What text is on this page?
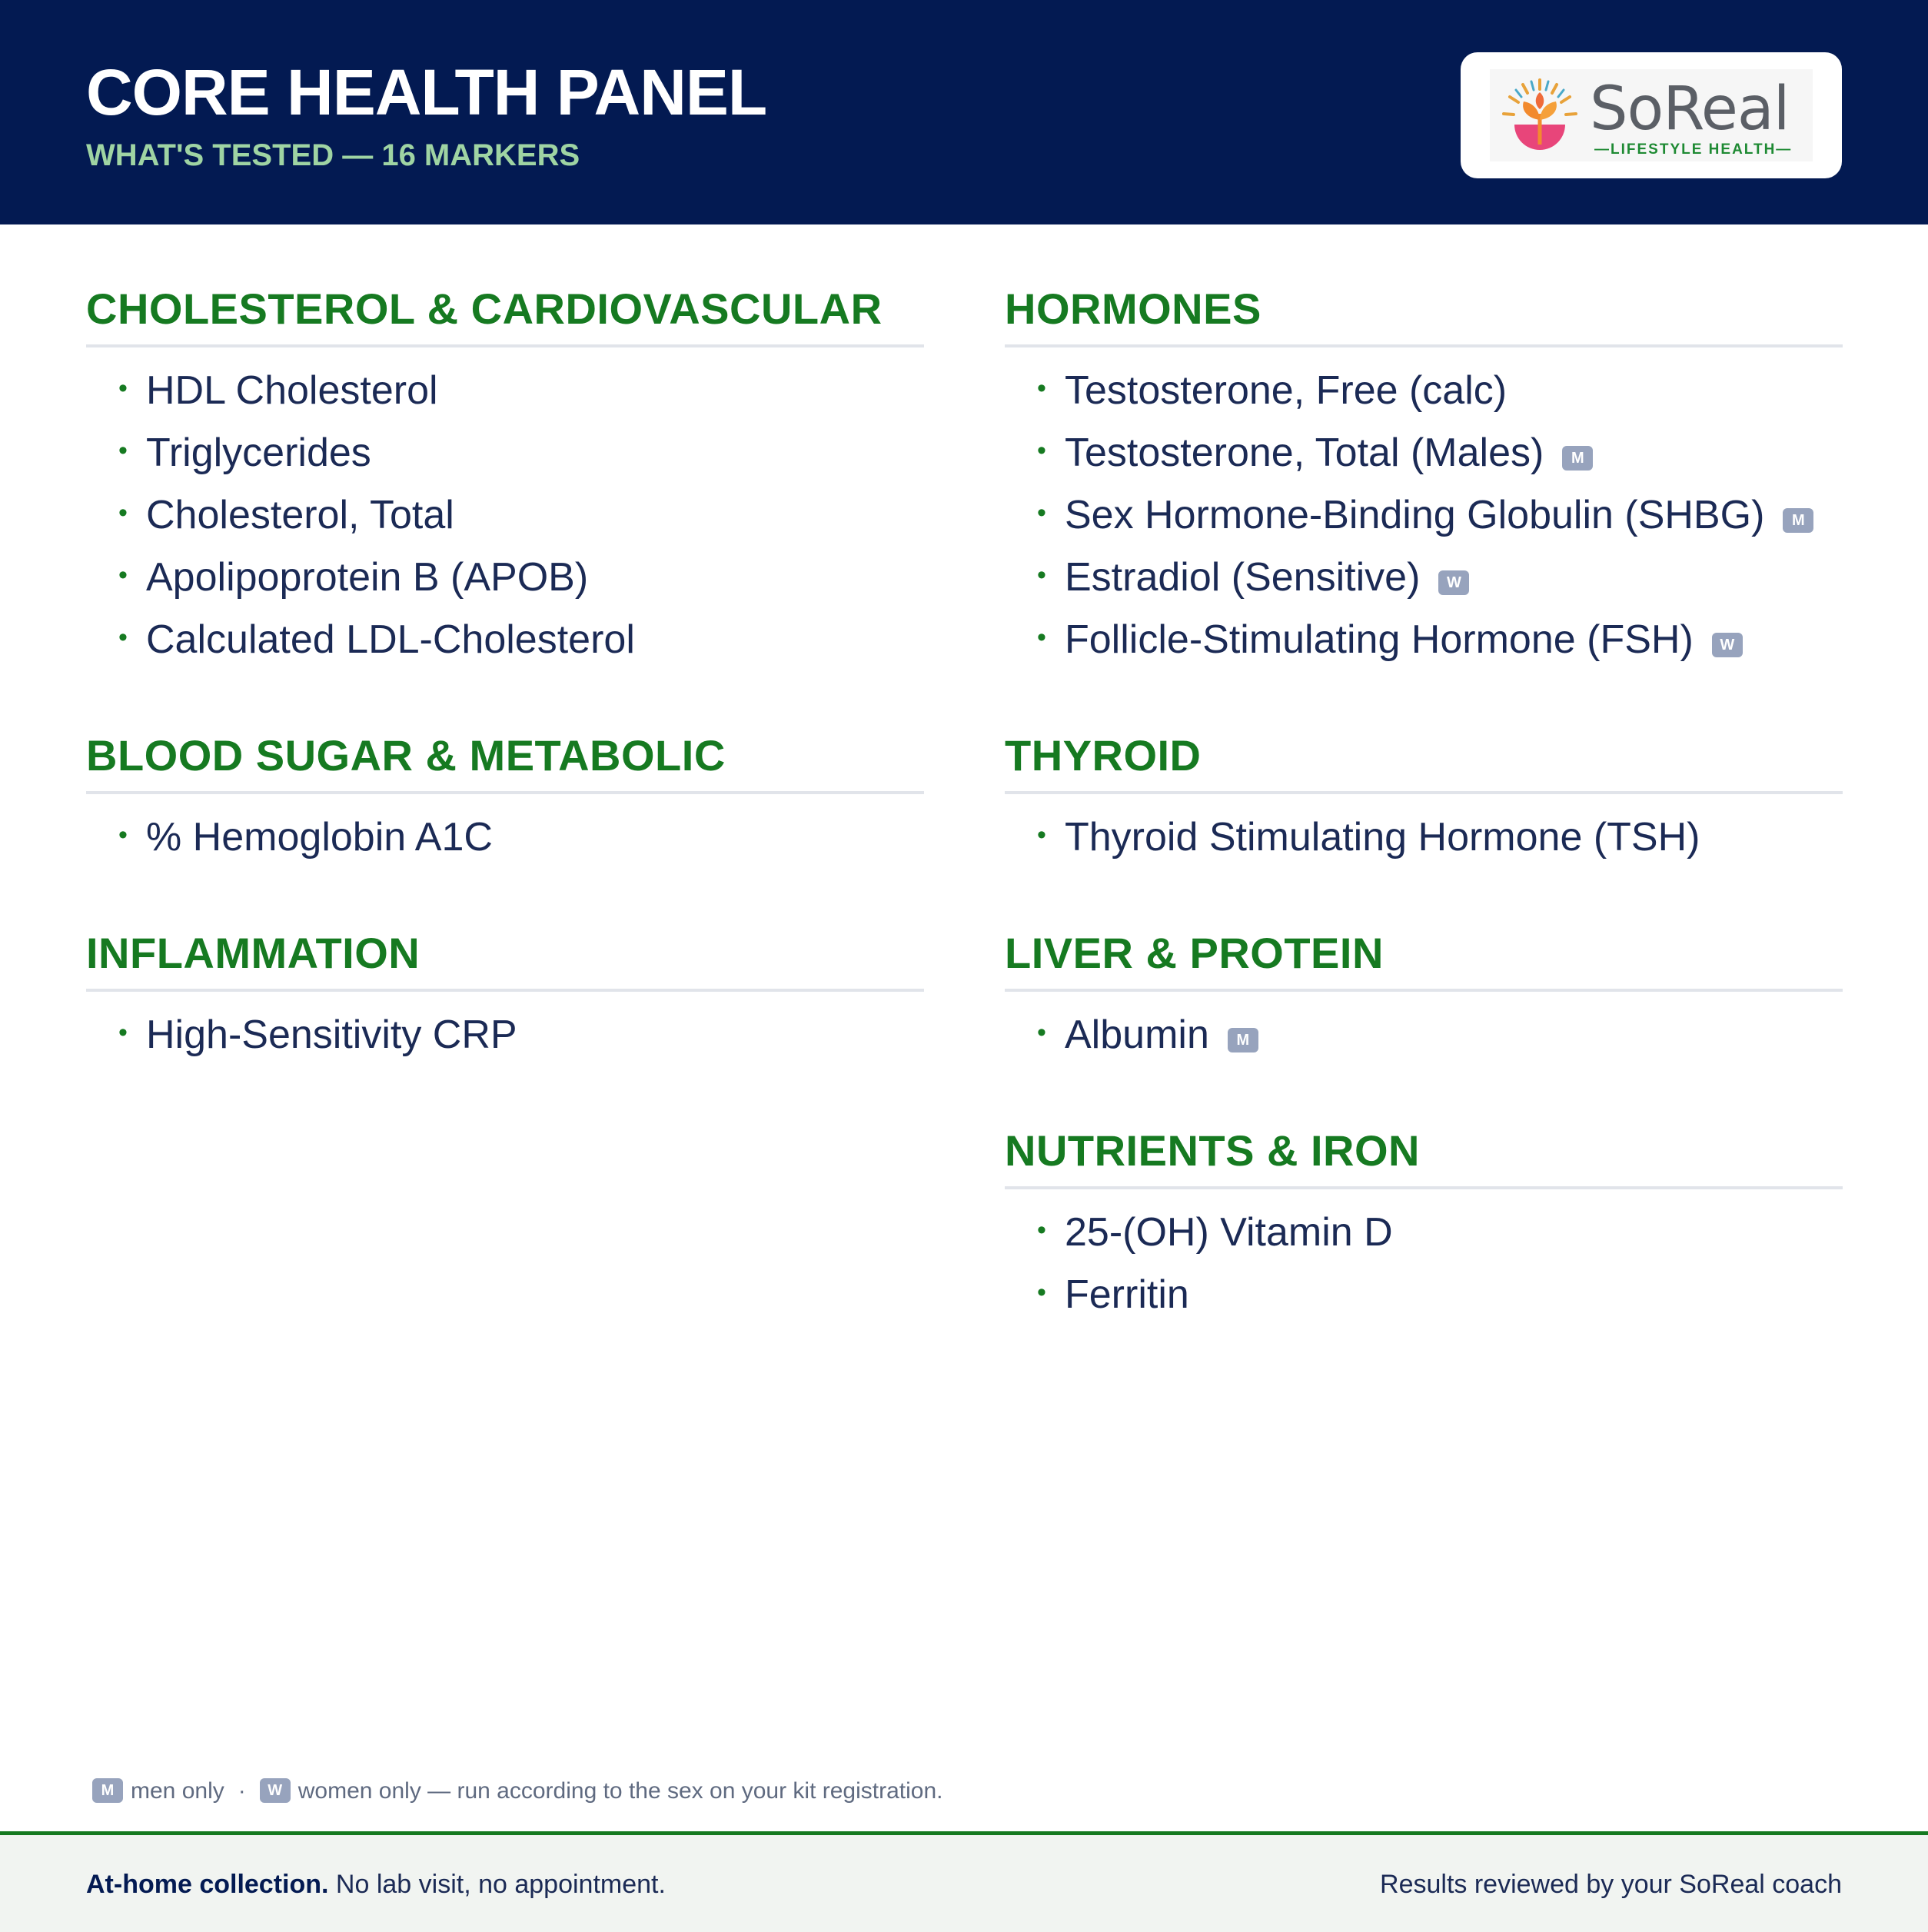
CORE HEALTH PANEL
WHAT'S TESTED — 16 MARKERS
SoReal
—LIFESTYLE HEALTH—
CHOLESTEROL & CARDIOVASCULAR
• HDL Cholesterol
• Triglycerides
• Cholesterol, Total
• Apolipoprotein B (APOB)
• Calculated LDL-Cholesterol
BLOOD SUGAR & METABOLIC
• % Hemoglobin A1C
INFLAMMATION
• High-Sensitivity CRP
HORMONES
• Testosterone, Free (calc)
• Testosterone, Total (Males) M
• Sex Hormone-Binding Globulin (SHBG) M
• Estradiol (Sensitive) W
• Follicle-Stimulating Hormone (FSH) W
THYROID
• Thyroid Stimulating Hormone (TSH)
LIVER & PROTEIN
• Albumin M
NUTRIENTS & IRON
• 25-(OH) Vitamin D
• Ferritin
M men only · W women only — run according to the sex on your kit registration.
At-home collection. No lab visit, no appointment.	Results reviewed by your SoReal coach
